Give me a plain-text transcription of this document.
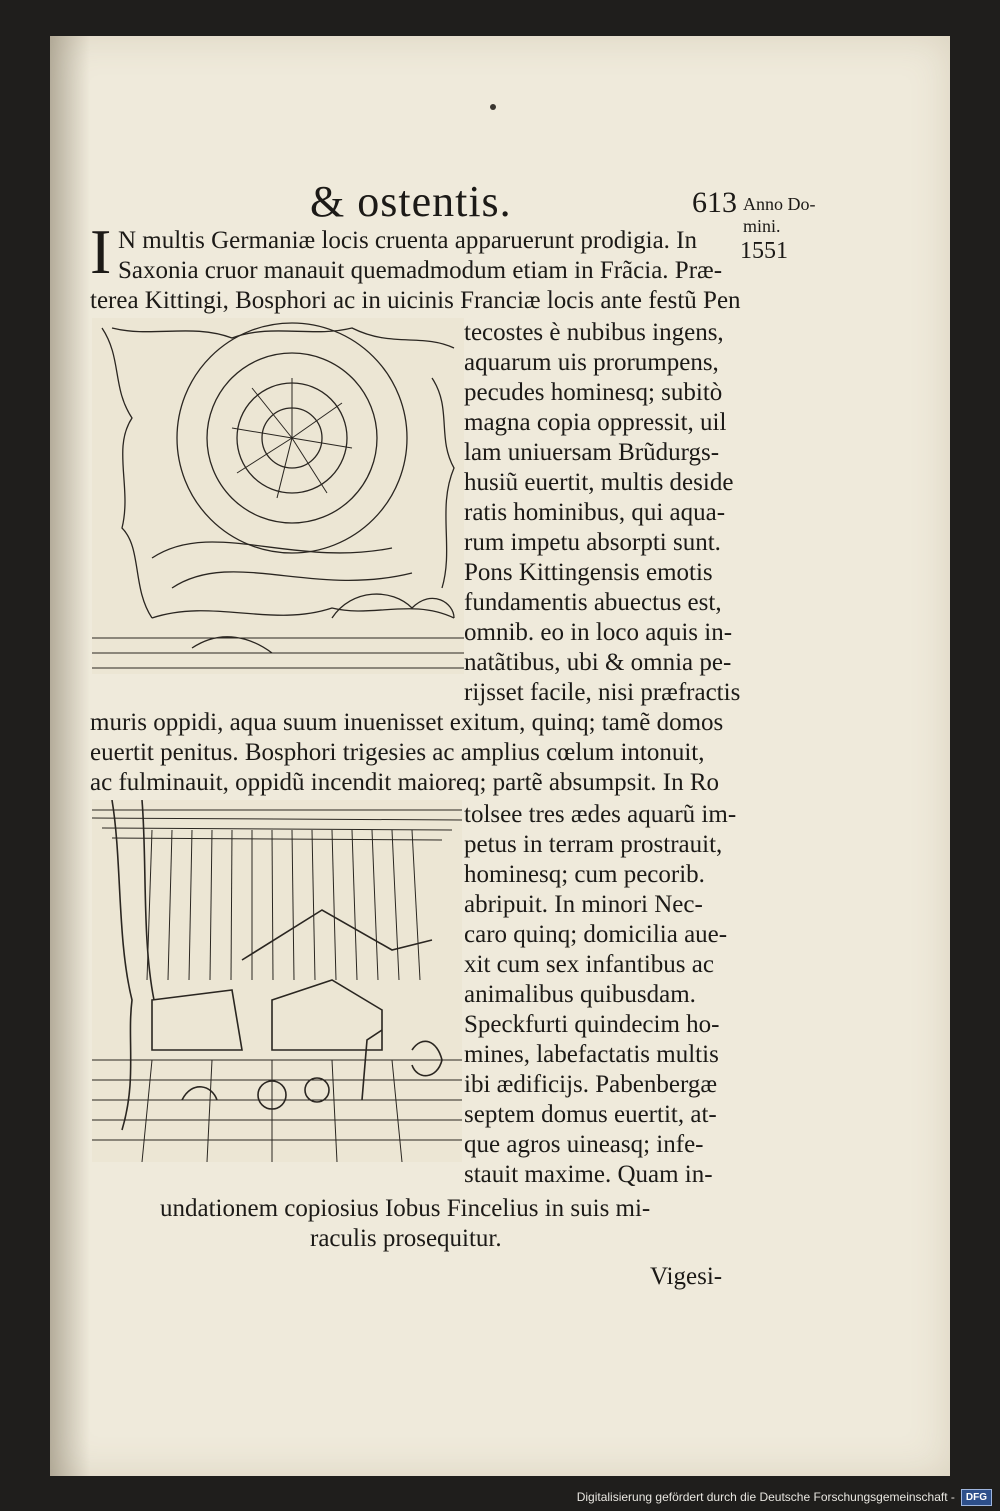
& ostentis.	613 Anno Do-
mini.
1551
I N multis Germaniæ locis cruenta apparuerunt prodigia. In
Saxonia cruor manauit quemadmodum etiam in Frãcia. Præ-
terea Kittingi, Bosphori ac in uicinis Franciæ locis ante festũ Pen
tecostes è nubibus ingens,
aquarum uis prorumpens,
pecudes hominesq; subitò
magna copia oppressit, uil
lam uniuersam Brũdurgs-
husiũ euertit, multis deside
ratis hominibus, qui aqua-
rum impetu absorpti sunt.
Pons Kittingensis emotis
fundamentis abuectus est,
omnib. eo in loco aquis in-
natãtibus, ubi & omnia pe-
rijsset facile, nisi præfractis
muris oppidi, aqua suum inuenisset exitum, quinq; tamẽ domos
euertit penitus. Bosphori trigesies ac amplius cœlum intonuit,
ac fulminauit, oppidũ incendit maioreq; partẽ absumpsit. In Ro
tolsee tres ædes aquarũ im-
petus in terram prostrauit,
hominesq; cum pecorib.
abripuit. In minori Nec-
caro quinq; domicilia aue-
xit cum sex infantibus ac
animalibus quibusdam.
Speckfurti quindecim ho-
mines, labefactatis multis
ibi ædificijs. Pabenbergæ
septem domus euertit, at-
que agros uineasq; infe-
stauit maxime. Quam in-
undationem copiosius Iobus Fincelius in suis mi-
raculis prosequitur.
Vigesi-
Digitalisierung gefördert durch die Deutsche Forschungsgemeinschaft -	DFG
